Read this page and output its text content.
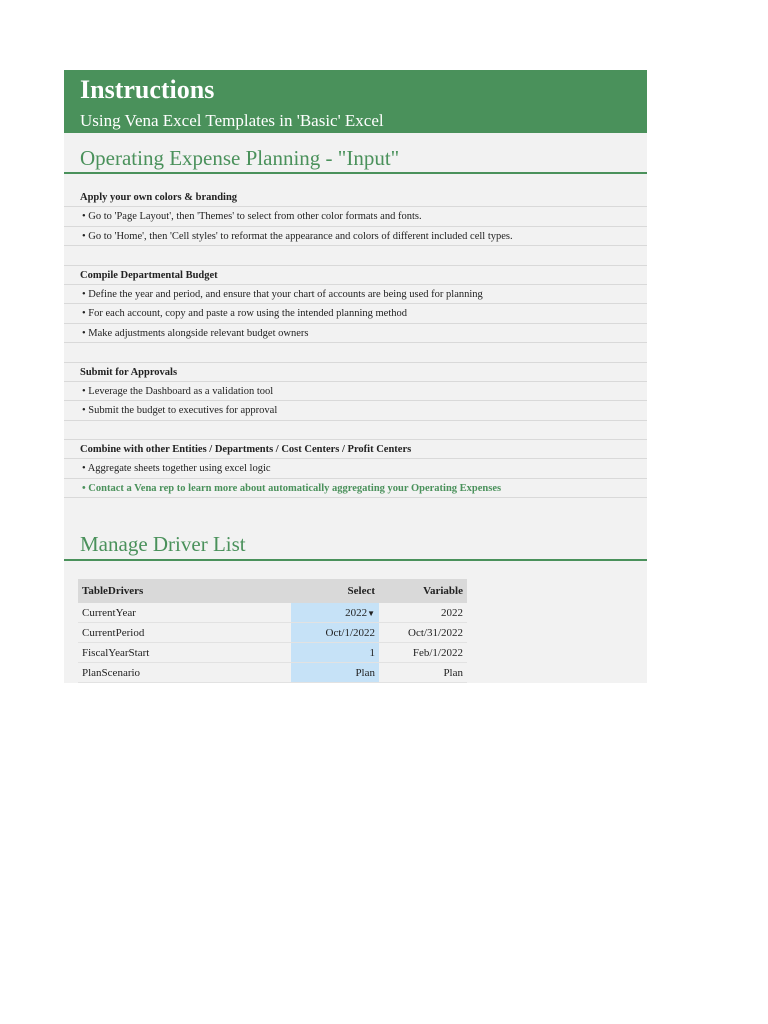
Instructions
Using Vena Excel Templates in 'Basic' Excel
Operating Expense Planning - "Input"
Apply your own colors & branding
• Go to 'Page Layout', then 'Themes' to select from other color formats and fonts.
• Go to 'Home', then 'Cell styles' to reformat the appearance and colors of different included cell types.
Compile Departmental Budget
• Define the year and period, and ensure that your chart of accounts are being used for planning
• For each account, copy and paste a row using the intended planning method
• Make adjustments alongside relevant budget owners
Submit for Approvals
• Leverage the Dashboard as a validation tool
• Submit the budget to executives for approval
Combine with other Entities / Departments / Cost Centers / Profit Centers
• Aggregate sheets together using excel logic
• Contact a Vena rep to learn more about automatically aggregating your Operating Expenses
Manage Driver List
TableDrivers	Select	Variable
CurrentYear	2022▼	2022
CurrentPeriod	Oct/1/2022	Oct/31/2022
FiscalYearStart	1	Feb/1/2022
PlanScenario	Plan	Plan
